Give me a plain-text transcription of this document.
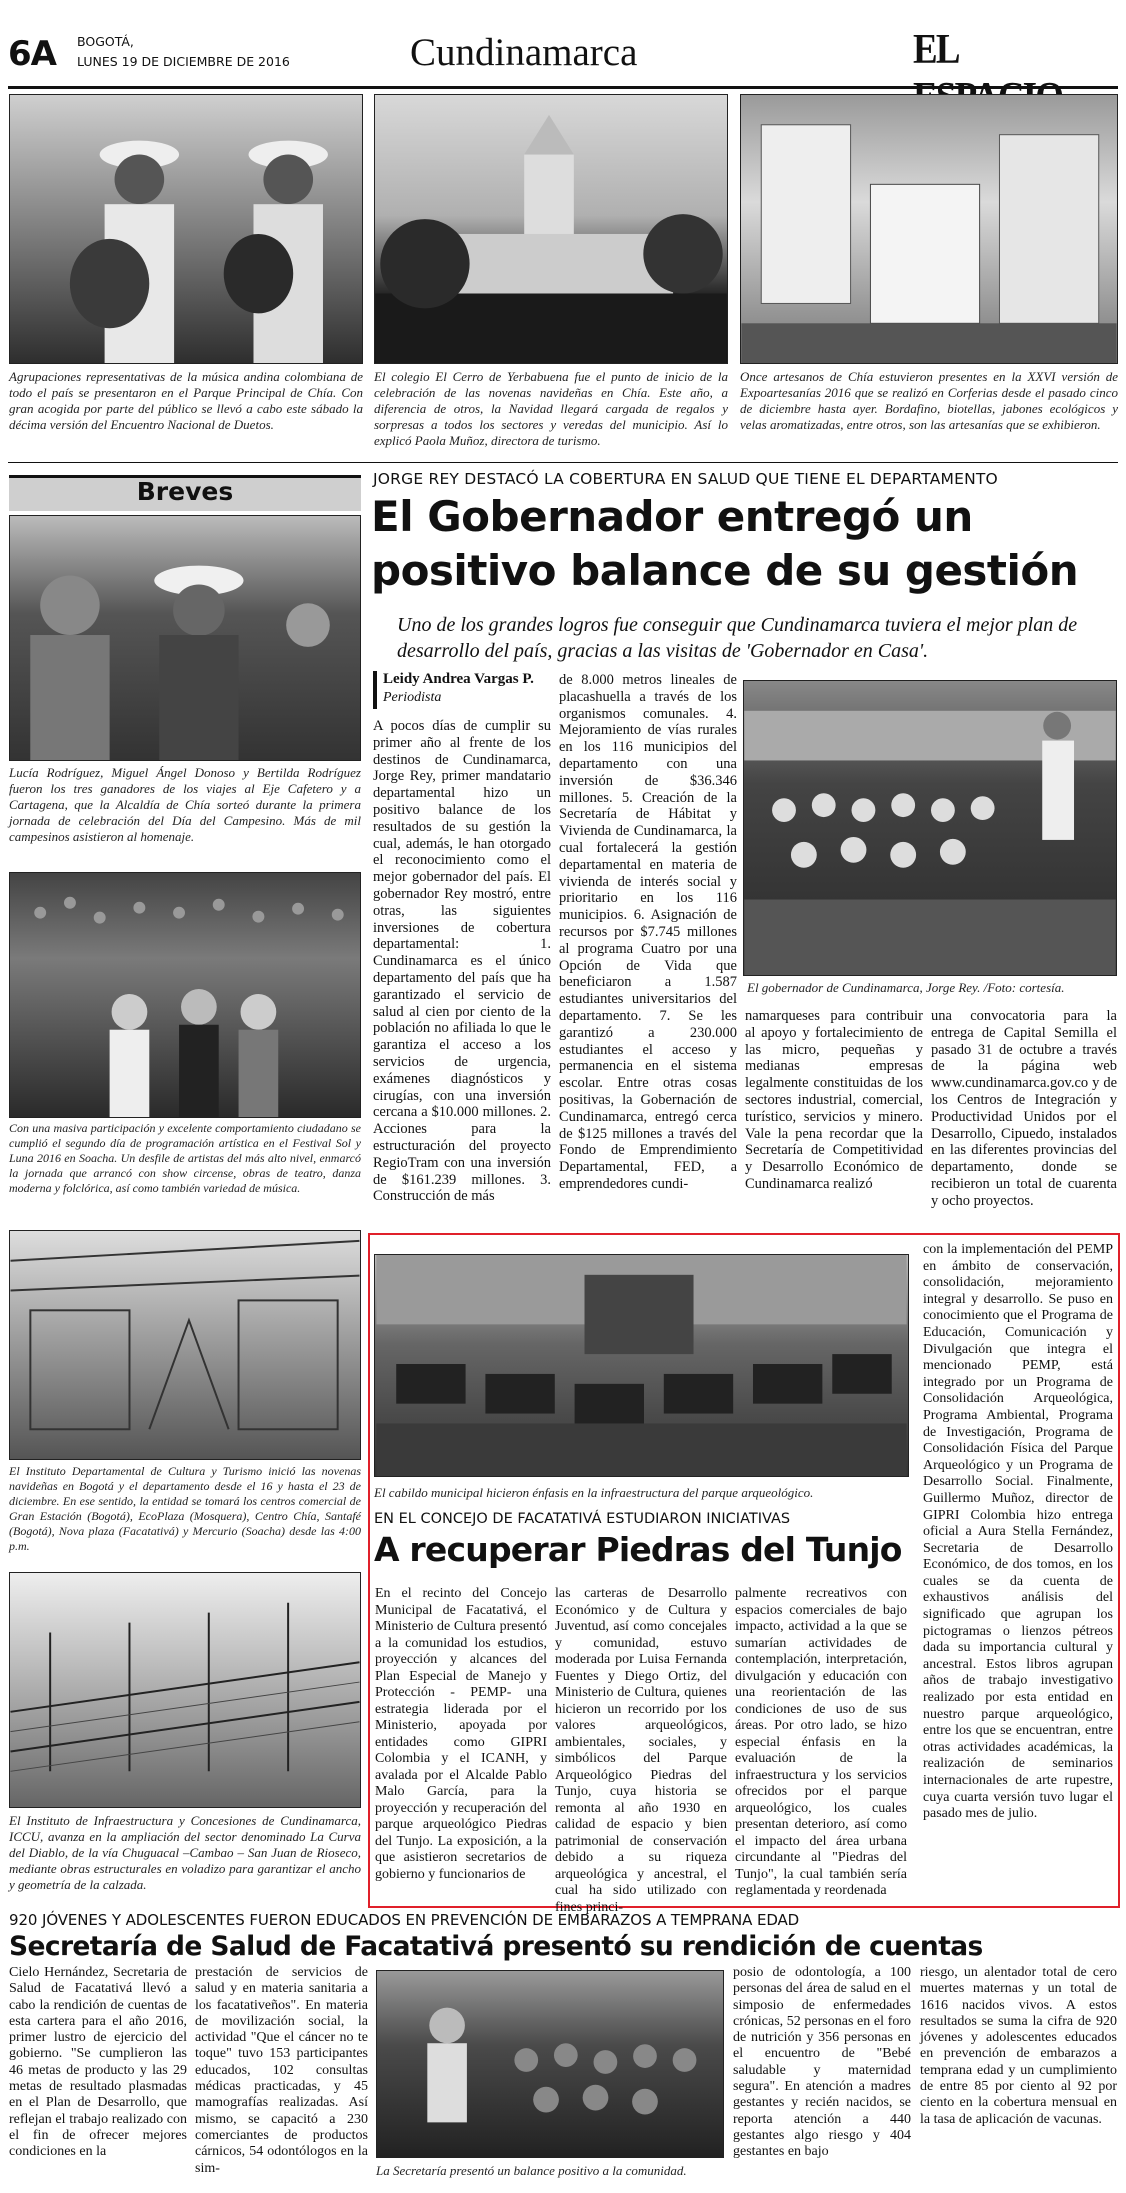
6A BOGOTÁ,
LUNES 19 DE DICIEMBRE DE 2016	Cundinamarca	EL
Agrupaciones representativas de la música andina colombiana de todo el país se presentaron en el Parque Principal de Chía. Con gran acogida por parte del público se llevó a cabo este sábado la décima versión del Encuentro Nacional de Duetos.
El colegio El Cerro de Yerbabuena fue el punto de inicio de la celebración de las novenas navideñas en Chía. Este año, a diferencia de otros, la Navidad llegará cargada de regalos y sorpresas a todos los sectores y veredas del municipio. Así lo explicó Paola Muñoz, directora de turismo.
Once artesanos de Chía estuvieron presentes en la XXVI versión de Expoartesanías 2016 que se realizó en Corferias desde el pasado cinco de diciembre hasta ayer. Bordafino, biotellas, jabones ecológicos y velas aromatizadas, entre otros, son las artesanías que se exhibieron.
Breves
Lucía Rodríguez, Miguel Ángel Donoso y Bertilda Rodríguez fueron los tres ganadores de los viajes al Eje Cafetero y a Cartagena, que la Alcaldía de Chía sorteó durante la primera jornada de celebración del Día del Campesino. Más de mil campesinos asistieron al homenaje.
Con una masiva participación y excelente comportamiento ciudadano se cumplió el segundo día de programación artística en el Festival Sol y Luna 2016 en Soacha. Un desfile de artistas del más alto nivel, enmarcó la jornada que arrancó con show circense, obras de teatro, danza moderna y folclórica, así como también variedad de música.
El Instituto Departamental de Cultura y Turismo inició las novenas navideñas en Bogotá y el departamento desde el 16 y hasta el 23 de diciembre. En ese sentido, la entidad se tomará los centros comercial de Gran Estación (Bogotá), EcoPlaza (Mosquera), Centro Chía, Santafé (Bogotá), Nova plaza (Facatativá) y Mercurio (Soacha) desde las 4:00 p.m.
El Instituto de Infraestructura y Concesiones de Cundinamarca, ICCU, avanza en la ampliación del sector denominado La Curva del Diablo, de la vía Chuguacal –Cambao – San Juan de Rioseco, mediante obras estructurales en voladizo para garantizar el ancho y geometría de la calzada.
JORGE REY DESTACÓ LA COBERTURA EN SALUD QUE TIENE EL DEPARTAMENTO
El Gobernador entregó un
positivo balance de su gestión
Uno de los grandes logros fue conseguir que Cundinamarca tuviera el mejor plan de desarrollo del país, gracias a las visitas de 'Gobernador en Casa'.
Leidy Andrea Vargas P.
Periodista
A pocos días de cumplir su primer año al frente de los destinos de Cundinamarca, Jorge Rey, primer mandatario departamental hizo un positivo balance de los resultados de su gestión la cual, además, le han otorgado el reconocimiento como el mejor gobernador del país. El gobernador Rey mostró, entre otras, las siguientes inversiones de cobertura departamental: 1. Cundinamarca es el único departamento del país que ha garantizado el servicio de salud al cien por ciento de la población no afiliada lo que le garantiza el acceso a los servicios de urgencia, exámenes diagnósticos y cirugías, con una inversión cercana a $10.000 millones. 2. Acciones para la estructuración del proyecto RegioTram con una inversión de $161.239 millones. 3. Construcción de más
de 8.000 metros lineales de placashuella a través de los organismos comunales. 4. Mejoramiento de vías rurales en los 116 municipios del departamento con una inversión de $36.346 millones. 5. Creación de la Secretaría de Hábitat y Vivienda de Cundinamarca, la cual fortalecerá la gestión departamental en materia de vivienda de interés social y prioritario en los 116 municipios. 6. Asignación de recursos por $7.745 millones al programa Cuatro por una Opción de Vida que beneficiaron a 1.587 estudiantes universitarios del departamento. 7. Se les garantizó a 230.000 estudiantes el acceso y permanencia en el sistema escolar. Entre otras cosas positivas, la Gobernación de Cundinamarca, entregó cerca de $125 millones a través del Fondo de Emprendimiento Departamental, FED, a emprendedores cundi-
El gobernador de Cundinamarca, Jorge Rey. /Foto: cortesía.
namarqueses para contribuir al apoyo y fortalecimiento de las micro, pequeñas y medianas empresas legalmente constituidas de los sectores industrial, comercial, turístico, servicios y minero. Vale la pena recordar que la Secretaría de Competitividad y Desarrollo Económico de Cundinamarca realizó
una convocatoria para la entrega de Capital Semilla el pasado 31 de octubre a través de la página web www.cundinamarca.gov.co y de los Centros de Integración y Productividad Unidos por el Desarrollo, Cipuedo, instalados en las diferentes provincias del departamento, donde se recibieron un total de cuarenta y ocho proyectos.
El cabildo municipal hicieron énfasis en la infraestructura del parque arqueológico.
EN EL CONCEJO DE FACATATIVÁ ESTUDIARON INICIATIVAS
A recuperar Piedras del Tunjo
En el recinto del Concejo Municipal de Facatativá, el Ministerio de Cultura presentó a la comunidad los estudios, proyección y alcances del Plan Especial de Manejo y Protección - PEMP- una estrategia liderada por el Ministerio, apoyada por entidades como GIPRI Colombia y el ICANH, y avalada por el Alcalde Pablo Malo García, para la proyección y recuperación del parque arqueológico Piedras del Tunjo. La exposición, a la que asistieron secretarios de gobierno y funcionarios de
las carteras de Desarrollo Económico y de Cultura y Juventud, así como concejales y comunidad, estuvo moderada por Luisa Fernanda Fuentes y Diego Ortiz, del Ministerio de Cultura, quienes hicieron un recorrido por los valores arqueológicos, ambientales, sociales, y simbólicos del Parque Arqueológico Piedras del Tunjo, cuya historia se remonta al año 1930 en calidad de espacio y bien patrimonial de conservación debido a su riqueza arqueológica y ancestral, el cual ha sido utilizado con fines princi-
palmente recreativos con espacios comerciales de bajo impacto, actividad a la que se sumarían actividades de contemplación, interpretación, divulgación y educación con una reorientación de las condiciones de uso de sus áreas. Por otro lado, se hizo especial énfasis en la evaluación de la infraestructura y los servicios ofrecidos por el parque arqueológico, los cuales presentan deterioro, así como el impacto del área urbana circundante al "Piedras del Tunjo", la cual también sería reglamentada y reordenada
con la implementación del PEMP en ámbito de conservación, consolidación, mejoramiento integral y desarrollo. Se puso en conocimiento que el Programa de Educación, Comunicación y Divulgación que integra el mencionado PEMP, está integrado por un Programa de Consolidación Arqueológica, Programa Ambiental, Programa de Investigación, Programa de Consolidación Física del Parque Arqueológico y un Programa de Desarrollo Social. Finalmente, Guillermo Muñoz, director de GIPRI Colombia hizo entrega oficial a Aura Stella Fernández, Secretaria de Desarrollo Económico, de dos tomos, en los cuales se da cuenta de exhaustivos análisis del significado que agrupan los pictogramas o lienzos pétreos dada su importancia cultural y ancestral. Estos libros agrupan años de trabajo investigativo realizado por esta entidad en nuestro parque arqueológico, entre los que se encuentran, entre otras actividades académicas, la realización de seminarios internacionales de arte rupestre, cuya cuarta versión tuvo lugar el pasado mes de julio.
920 JÓVENES Y ADOLESCENTES FUERON EDUCADOS EN PREVENCIÓN DE EMBARAZOS A TEMPRANA EDAD
Secretaría de Salud de Facatativá presentó su rendición de cuentas
Cielo Hernández, Secretaria de Salud de Facatativá llevó a cabo la rendición de cuentas de esta cartera para el año 2016, primer lustro de ejercicio del gobierno. "Se cumplieron las 46 metas de producto y las 29 metas de resultado plasmadas en el Plan de Desarrollo, que reflejan el trabajo realizado con el fin de ofrecer mejores condiciones en la
prestación de servicios de salud y en materia sanitaria a los facatativeños". En materia de movilización social, la actividad "Que el cáncer no te toque" tuvo 153 participantes educados, 102 consultas médicas practicadas, y 45 mamografías realizadas. Así mismo, se capacitó a 230 comerciantes de productos cárnicos, 54 odontólogos en la sim-	La Secretaría presentó un balance positivo a la comunidad.
posio de odontología, a 100 personas del área de salud en el simposio de enfermedades crónicas, 52 personas en el foro de nutrición y 356 personas en el encuentro de "Bebé saludable y maternidad segura". En atención a madres gestantes y recién nacidos, se reporta atención a 440 gestantes algo riesgo y 404 gestantes en bajo
riesgo, un alentador total de cero muertes maternas y un total de 1616 nacidos vivos. A estos resultados se suma la cifra de 920 jóvenes y adolescentes educados en prevención de embarazos a temprana edad y un cumplimiento de entre 85 por ciento al 92 por ciento en la cobertura mensual en la tasa de aplicación de vacunas.
